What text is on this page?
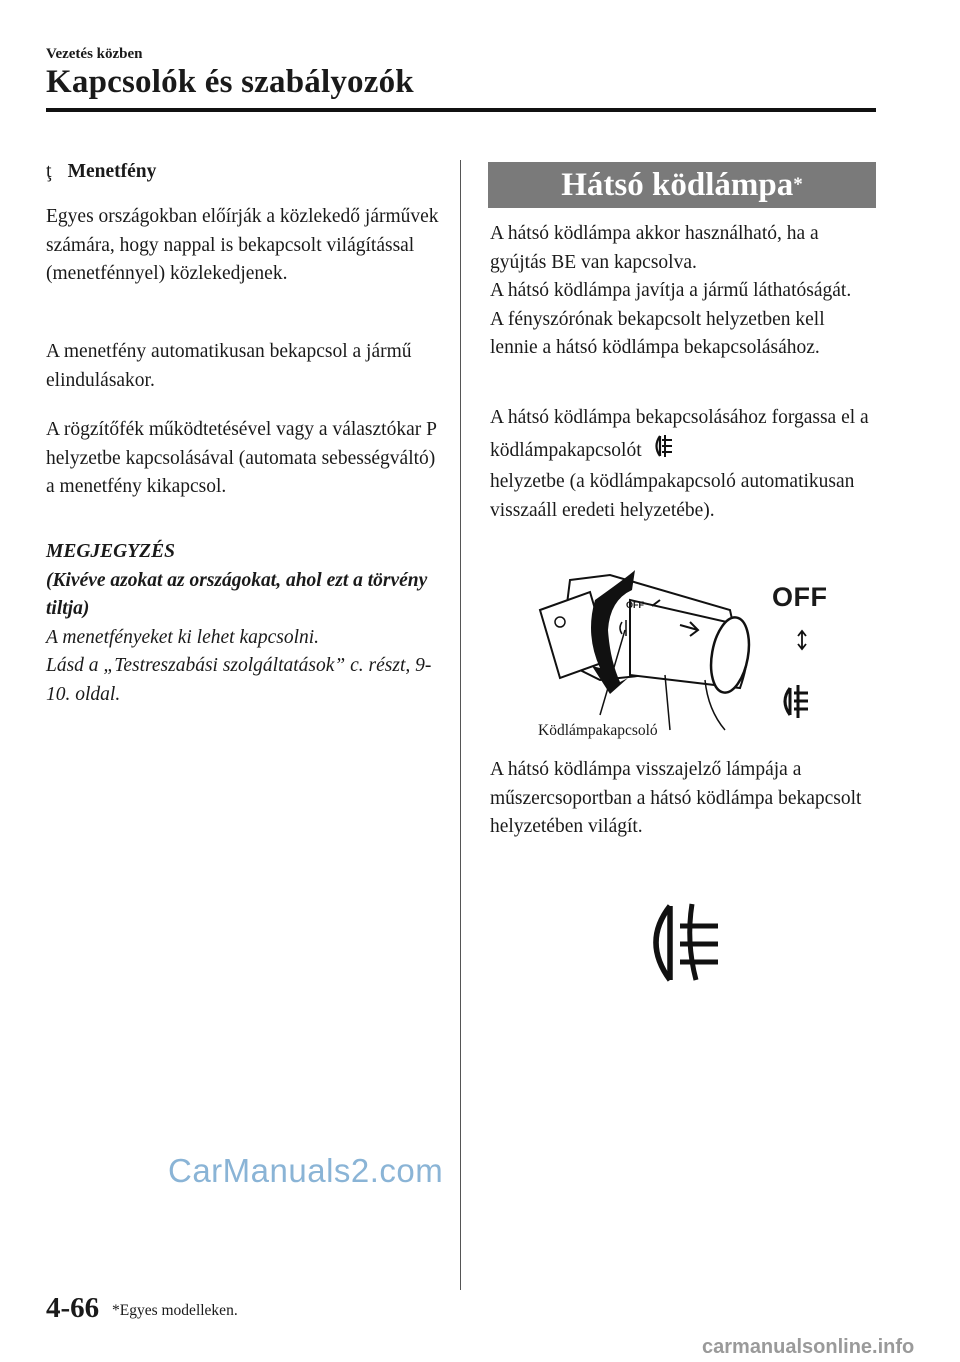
Vezetés közben
Kapcsolók és szabályozók
ţ Menetfény

Egyes országokban előírják a közlekedő járművek számára, hogy nappal is bekapcsolt világítással (menetfénnyel) közlekedjenek.

A menetfény automatikusan bekapcsol a jármű elindulásakor.

A rögzítőfék működtetésével vagy a választókar P helyzetbe kapcsolásával (automata sebességváltó) a menetfény kikapcsol.

MEGJEGYZÉS

(Kivéve azokat az országokat, ahol ezt a törvény tiltja)

A menetfényeket ki lehet kapcsolni.

Lásd a „Testreszabási szolgáltatások” c. részt, 9-10. oldal.

Hátsó ködlámpa *

A hátsó ködlámpa akkor használható, ha a gyújtás BE van kapcsolva.
A hátsó ködlámpa javítja a jármű láthatóságát.
A fényszórónak bekapcsolt helyzetben kell lennie a hátsó ködlámpa bekapcsolásához.

A hátsó ködlámpa bekapcsolásához forgassa el a ködlámpakapcsolót
helyzetbe (a ködlámpakapcsoló automatikusan visszaáll eredeti helyzetébe).

OFF	OFF
Ködlámpakapcsoló

A hátsó ködlámpa visszajelző lámpája a műszercsoportban a hátsó ködlámpa bekapcsolt helyzetében világít.

CarManuals2.com
4-66 *Egyes modelleken.
carmanualsonline.info
